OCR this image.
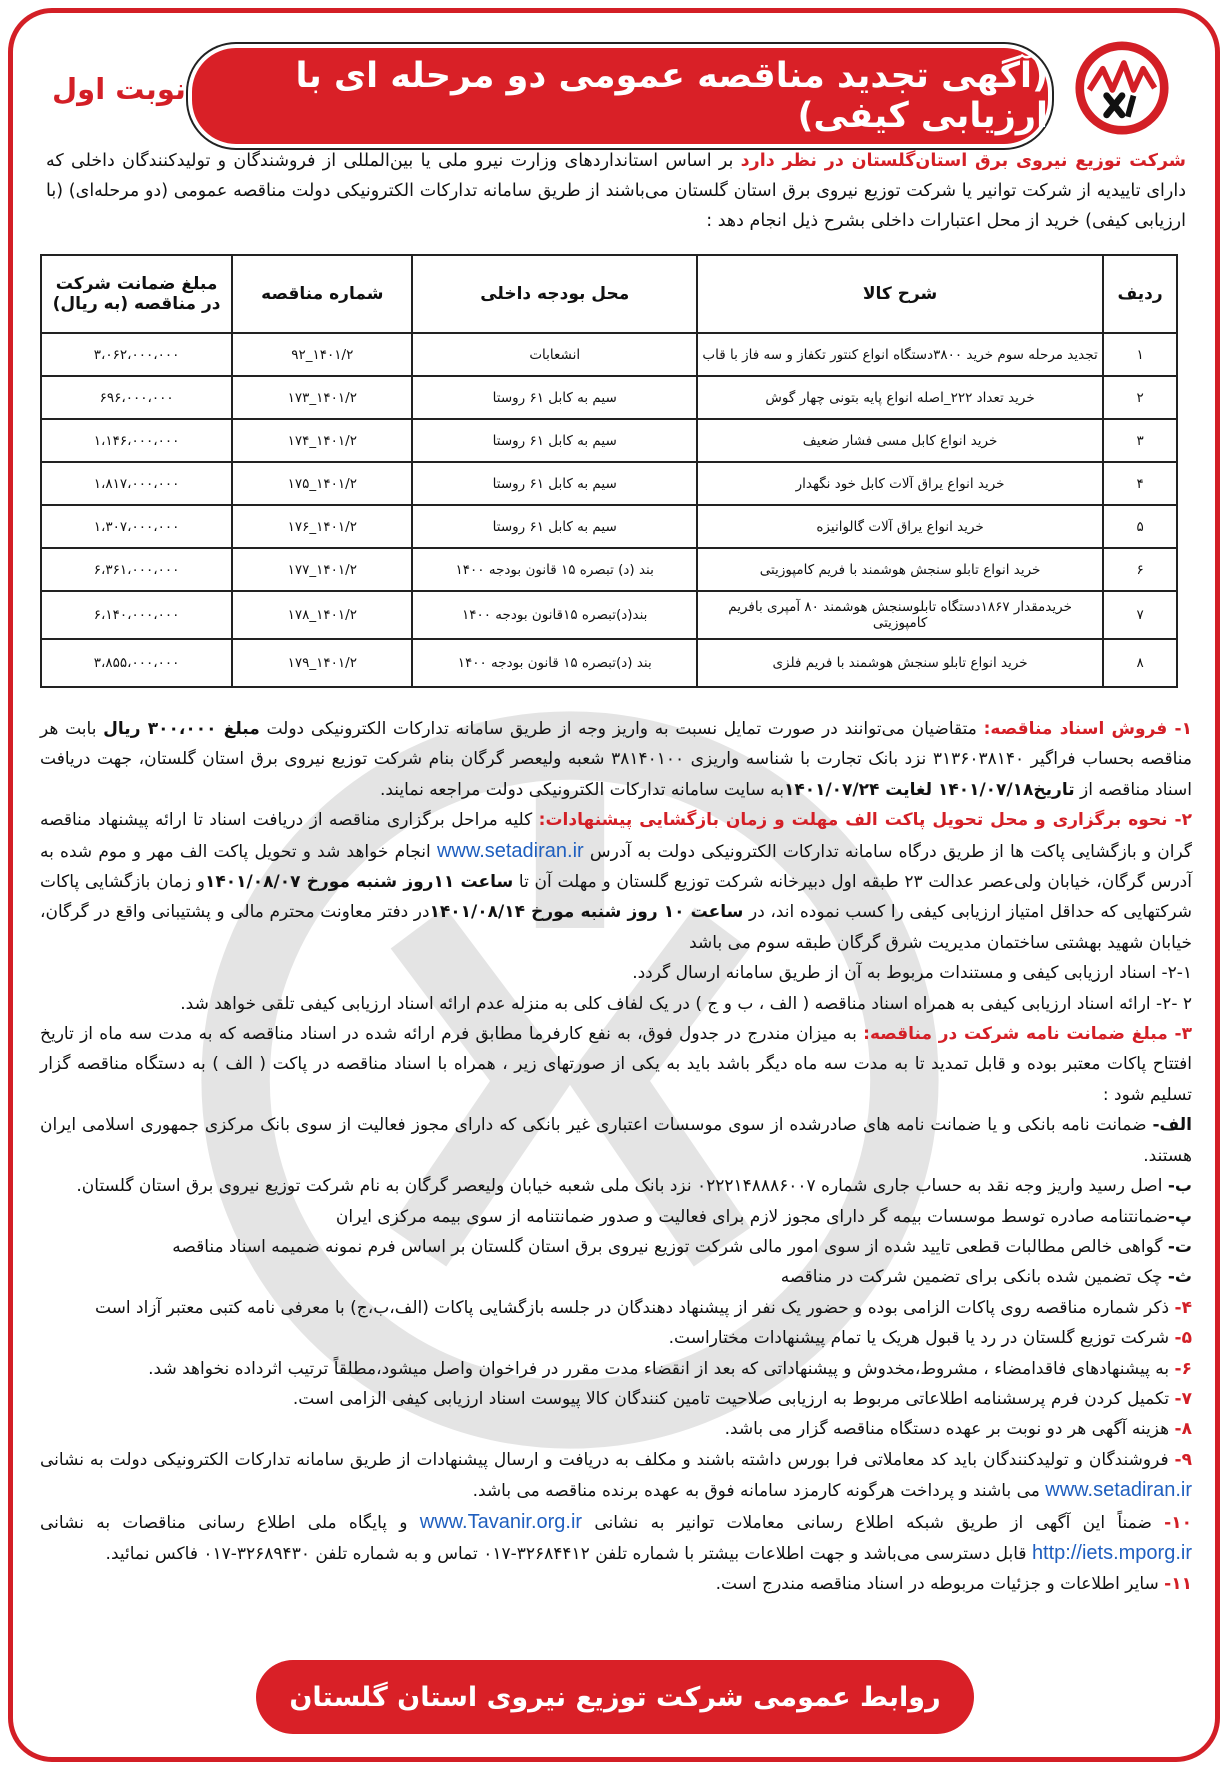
(آگهی تجدید مناقصه عمومی دو مرحله ای با ارزیابی کیفی)
نوبت اول
شرکت توزیع نیروی برق استان‌گلستان در نظر دارد بر اساس استانداردهای وزارت نیرو ملی یا بین‌المللی از فروشندگان و تولیدکنندگان داخلی که دارای تاییدیه از شرکت توانیر یا شرکت توزیع نیروی برق استان گلستان می‌باشند از طریق سامانه تدارکات الکترونیکی دولت مناقصه عمومی (دو مرحله‌ای) (با ارزیابی کیفی) خرید از محل اعتبارات داخلی بشرح ذیل انجام دهد :
ردیف	شرح کالا	محل بودجه داخلی	شماره مناقصه	مبلغ ضمانت شرکت در مناقصه (به ریال)
۱	تجدید مرحله سوم خرید ۳۸۰۰دستگاه انواع کنتور تکفاز و سه فاز با قاب	انشعابات	۱۴۰۱/۲_۹۲	۳،۰۶۲،۰۰۰،۰۰۰
۲	خرید تعداد ۲۲۲_اصله انواع پایه بتونی چهار گوش	سیم به کابل ۶۱ روستا	۱۴۰۱/۲_۱۷۳	۶۹۶،۰۰۰،۰۰۰
۳	خرید انواع کابل مسی فشار ضعیف	سیم به کابل ۶۱ روستا	۱۴۰۱/۲_۱۷۴	۱،۱۴۶،۰۰۰،۰۰۰
۴	خرید انواع یراق آلات کابل خود نگهدار	سیم به کابل ۶۱ روستا	۱۴۰۱/۲_۱۷۵	۱،۸۱۷،۰۰۰،۰۰۰
۵	خرید انواع یراق آلات گالوانیزه	سیم به کابل ۶۱ روستا	۱۴۰۱/۲_۱۷۶	۱،۳۰۷،۰۰۰،۰۰۰
۶	خرید انواع تابلو سنجش هوشمند با فریم کامپوزیتی	بند (د) تبصره ۱۵ قانون بودجه ۱۴۰۰	۱۴۰۱/۲_۱۷۷	۶،۳۶۱،۰۰۰،۰۰۰
۷	خریدمقدار ۱۸۶۷دستگاه تابلوسنجش هوشمند ۸۰ آمپری بافریم کامپوزیتی	بند(د)تبصره ۱۵قانون بودجه ۱۴۰۰	۱۴۰۱/۲_۱۷۸	۶،۱۴۰،۰۰۰،۰۰۰
۸	خرید انواع تابلو سنجش هوشمند با فریم فلزی	بند (د)تبصره ۱۵ قانون بودجه ۱۴۰۰	۱۴۰۱/۲_۱۷۹	۳،۸۵۵،۰۰۰،۰۰۰

۱- فروش اسناد مناقصه: متقاضیان می‌توانند در صورت تمایل نسبت به واریز وجه از طریق سامانه تدارکات الکترونیکی دولت مبلغ ۳۰۰،۰۰۰ ریال بابت هر مناقصه بحساب فراگیر ۳۱۳۶۰۳۸۱۴۰ نزد بانک تجارت با شناسه واریزی ۳۸۱۴۰۱۰۰ شعبه ولیعصر گرگان بنام شرکت توزیع نیروی برق استان گلستان، جهت دریافت اسناد مناقصه از تاریخ۱۴۰۱/۰۷/۱۸ لغایت ۱۴۰۱/۰۷/۲۴به سایت سامانه تدارکات الکترونیکی دولت مراجعه نمایند.

۲- نحوه برگزاری و محل تحویل پاکت الف مهلت و زمان بازگشایی پیشنهادات: کلیه مراحل برگزاری مناقصه از دریافت اسناد تا ارائه پیشنهاد مناقصه گران و بازگشایی پاکت ها از طریق درگاه سامانه تدارکات الکترونیکی دولت به آدرس www.setadiran.ir انجام خواهد شد و تحویل پاکت الف مهر و موم شده به آدرس گرگان، خیابان ولی‌عصر عدالت ۲۳ طبقه اول دبیرخانه شرکت توزیع گلستان و مهلت آن تا ساعت ۱۱روز شنبه مورخ ۱۴۰۱/۰۸/۰۷و زمان بازگشایی پاکات شرکتهایی که حداقل امتیاز ارزیابی کیفی را کسب نموده اند، در ساعت ۱۰ روز شنبه مورخ ۱۴۰۱/۰۸/۱۴در دفتر معاونت محترم مالی و پشتیبانی واقع در گرگان، خیابان شهید بهشتی ساختمان مدیریت شرق گرگان طبقه سوم می باشد

۲-۱- اسناد ارزیابی کیفی و مستندات مربوط به آن از طریق سامانه ارسال گردد.

۲ -۲- ارائه اسناد ارزیابی کیفی به همراه اسناد مناقصه ( الف ، ب و ج ) در یک لفاف کلی به منزله عدم ارائه اسناد ارزیابی کیفی تلقی خواهد شد.

۳- مبلغ ضمانت نامه شرکت در مناقصه: به میزان مندرج در جدول فوق، به نفع کارفرما مطابق فرم ارائه شده در اسناد مناقصه که به مدت سه ماه از تاریخ افتتاح پاکات معتبر بوده و قابل تمدید تا به مدت سه ماه دیگر باشد باید به یکی از صورتهای زیر ، همراه با اسناد مناقصه در پاکت ( الف ) به دستگاه مناقصه گزار تسلیم شود :

الف- ضمانت نامه بانکی و یا ضمانت نامه های صادرشده از سوی موسسات اعتباری غیر بانکی که دارای مجوز فعالیت از سوی بانک مرکزی جمهوری اسلامی ایران هستند.

ب- اصل رسید واریز وجه نقد به حساب جاری شماره ۰۲۲۲۱۴۸۸۸۶۰۰۷ نزد بانک ملی شعبه خیابان ولیعصر گرگان به نام شرکت توزیع نیروی برق استان گلستان.

پ-ضمانتنامه صادره توسط موسسات بیمه گر دارای مجوز لازم برای فعالیت و صدور ضمانتنامه از سوی بیمه مرکزی ایران

ت- گواهی خالص مطالبات قطعی تایید شده از سوی امور مالی شرکت توزیع نیروی برق استان گلستان بر اساس فرم نمونه ضمیمه اسناد مناقصه

ث- چک تضمین شده بانکی برای تضمین شرکت در مناقصه

۴- ذکر شماره مناقصه روی پاکات الزامی بوده و حضور یک نفر از پیشنهاد دهندگان در جلسه بازگشایی پاکات (الف،ب،ج) با معرفی نامه کتبی معتبر آزاد است

۵- شرکت توزیع گلستان در رد یا قبول هریک یا تمام پیشنهادات مختاراست.

۶- به پیشنهادهای فاقدامضاء ، مشروط،مخدوش و پیشنهاداتی که بعد از انقضاء مدت مقرر در فراخوان واصل میشود،مطلقاً ترتیب اثرداده نخواهد شد.

۷- تکمیل کردن فرم پرسشنامه اطلاعاتی مربوط به ارزیابی صلاحیت تامین کنندگان کالا پیوست اسناد ارزیابی کیفی الزامی است.

۸- هزینه آگهی هر دو نوبت بر عهده دستگاه مناقصه گزار می باشد.

۹- فروشندگان و تولیدکنندگان باید کد معاملاتی فرا بورس داشته باشند و مکلف به دریافت و ارسال پیشنهادات از طریق سامانه تدارکات الکترونیکی دولت به نشانی www.setadiran.ir می باشند و پرداخت هرگونه کارمزد سامانه فوق به عهده برنده مناقصه می باشد.

۱۰- ضمناً این آگهی از طریق شبکه اطلاع رسانی معاملات توانیر به نشانی www.Tavanir.org.ir و پایگاه ملی اطلاع رسانی مناقصات به نشانی http://iets.mporg.ir قابل دسترسی می‌باشد و جهت اطلاعات بیشتر با شماره تلفن ۳۲۶۸۴۴۱۲-۰۱۷ تماس و به شماره تلفن ۳۲۶۸۹۴۳۰-۰۱۷ فاکس نمائید.

۱۱- سایر اطلاعات و جزئیات مربوطه در اسناد مناقصه مندرج است.

روابط عمومی شرکت توزیع نیروی استان گلستان
